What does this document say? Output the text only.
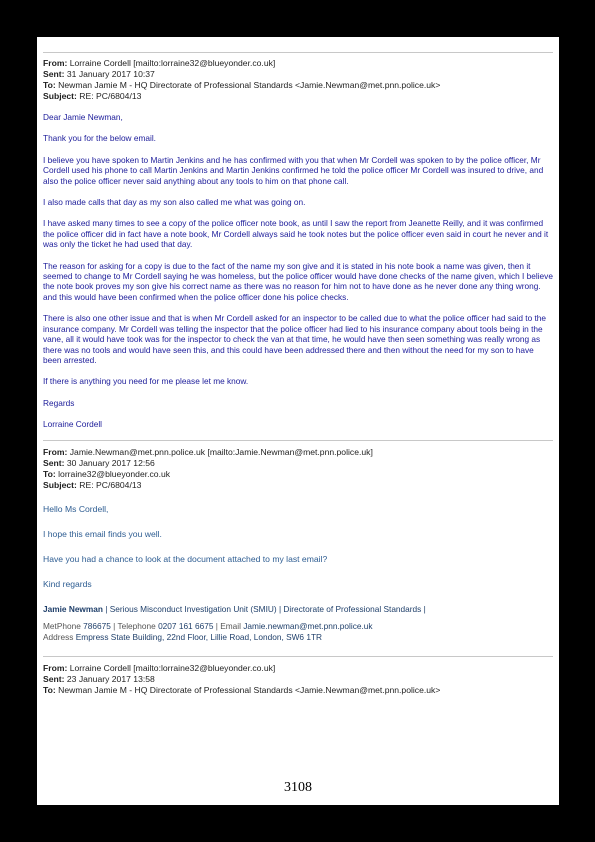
From: Lorraine Cordell [mailto:lorraine32@blueyonder.co.uk]
Sent: 31 January 2017 10:37
To: Newman Jamie M - HQ Directorate of Professional Standards <Jamie.Newman@met.pnn.police.uk>
Subject: RE: PC/6804/13

Dear Jamie Newman,

Thank you for the below email.

I believe you have spoken to Martin Jenkins and he has confirmed with you that when Mr Cordell was spoken to by the police officer, Mr Cordell used his phone to call Martin Jenkins and Martin Jenkins confirmed he told the police officer Mr Cordell was insured to drive, and also the police officer never said anything about any tools to him on that phone call.

I also made calls that day as my son also called me what was going on.

I have asked many times to see a copy of the police officer note book, as until I saw the report from Jeanette Reilly, and it was confirmed the police officer did in fact have a note book, Mr Cordell always said he took notes but the police officer even said in court he never and it was only the ticket he had used that day.

The reason for asking for a copy is due to the fact of the name my son give and it is stated in his note book a name was given, then it seemed to change to Mr Cordell saying he was homeless, but the police officer would have done checks of the name given, which I believe the note book proves my son give his correct name as there was no reason for him not to have done as he never done any thing wrong. and this would have been confirmed when the police officer done his police checks.

There is also one other issue and that is when Mr Cordell asked for an inspector to be called due to what the police officer had said to the insurance company. Mr Cordell was telling the inspector that the police officer had lied to his insurance company about tools being in the vane, all it would have took was for the inspector to check the van at that time, he would have then seen something was really wrong as there was no tools and would have seen this, and this could have been addressed there and then without the need for my son to have been arrested.

If there is anything you need for me please let me know.

Regards

Lorraine Cordell

From: Jamie.Newman@met.pnn.police.uk [mailto:Jamie.Newman@met.pnn.police.uk]
Sent: 30 January 2017 12:56
To: lorraine32@blueyonder.co.uk
Subject: RE: PC/6804/13

Hello Ms Cordell,

I hope this email finds you well.

Have you had a chance to look at the document attached to my last email?

Kind regards

Jamie Newman | Serious Misconduct Investigation Unit (SMIU) | Directorate of Professional Standards |
MetPhone 786675 | Telephone 0207 161 6675 | Email Jamie.newman@met.pnn.police.uk
Address Empress State Building, 22nd Floor, Lillie Road, London, SW6 1TR
From: Lorraine Cordell [mailto:lorraine32@blueyonder.co.uk]
Sent: 23 January 2017 13:58
To: Newman Jamie M - HQ Directorate of Professional Standards <Jamie.Newman@met.pnn.police.uk>
3108
